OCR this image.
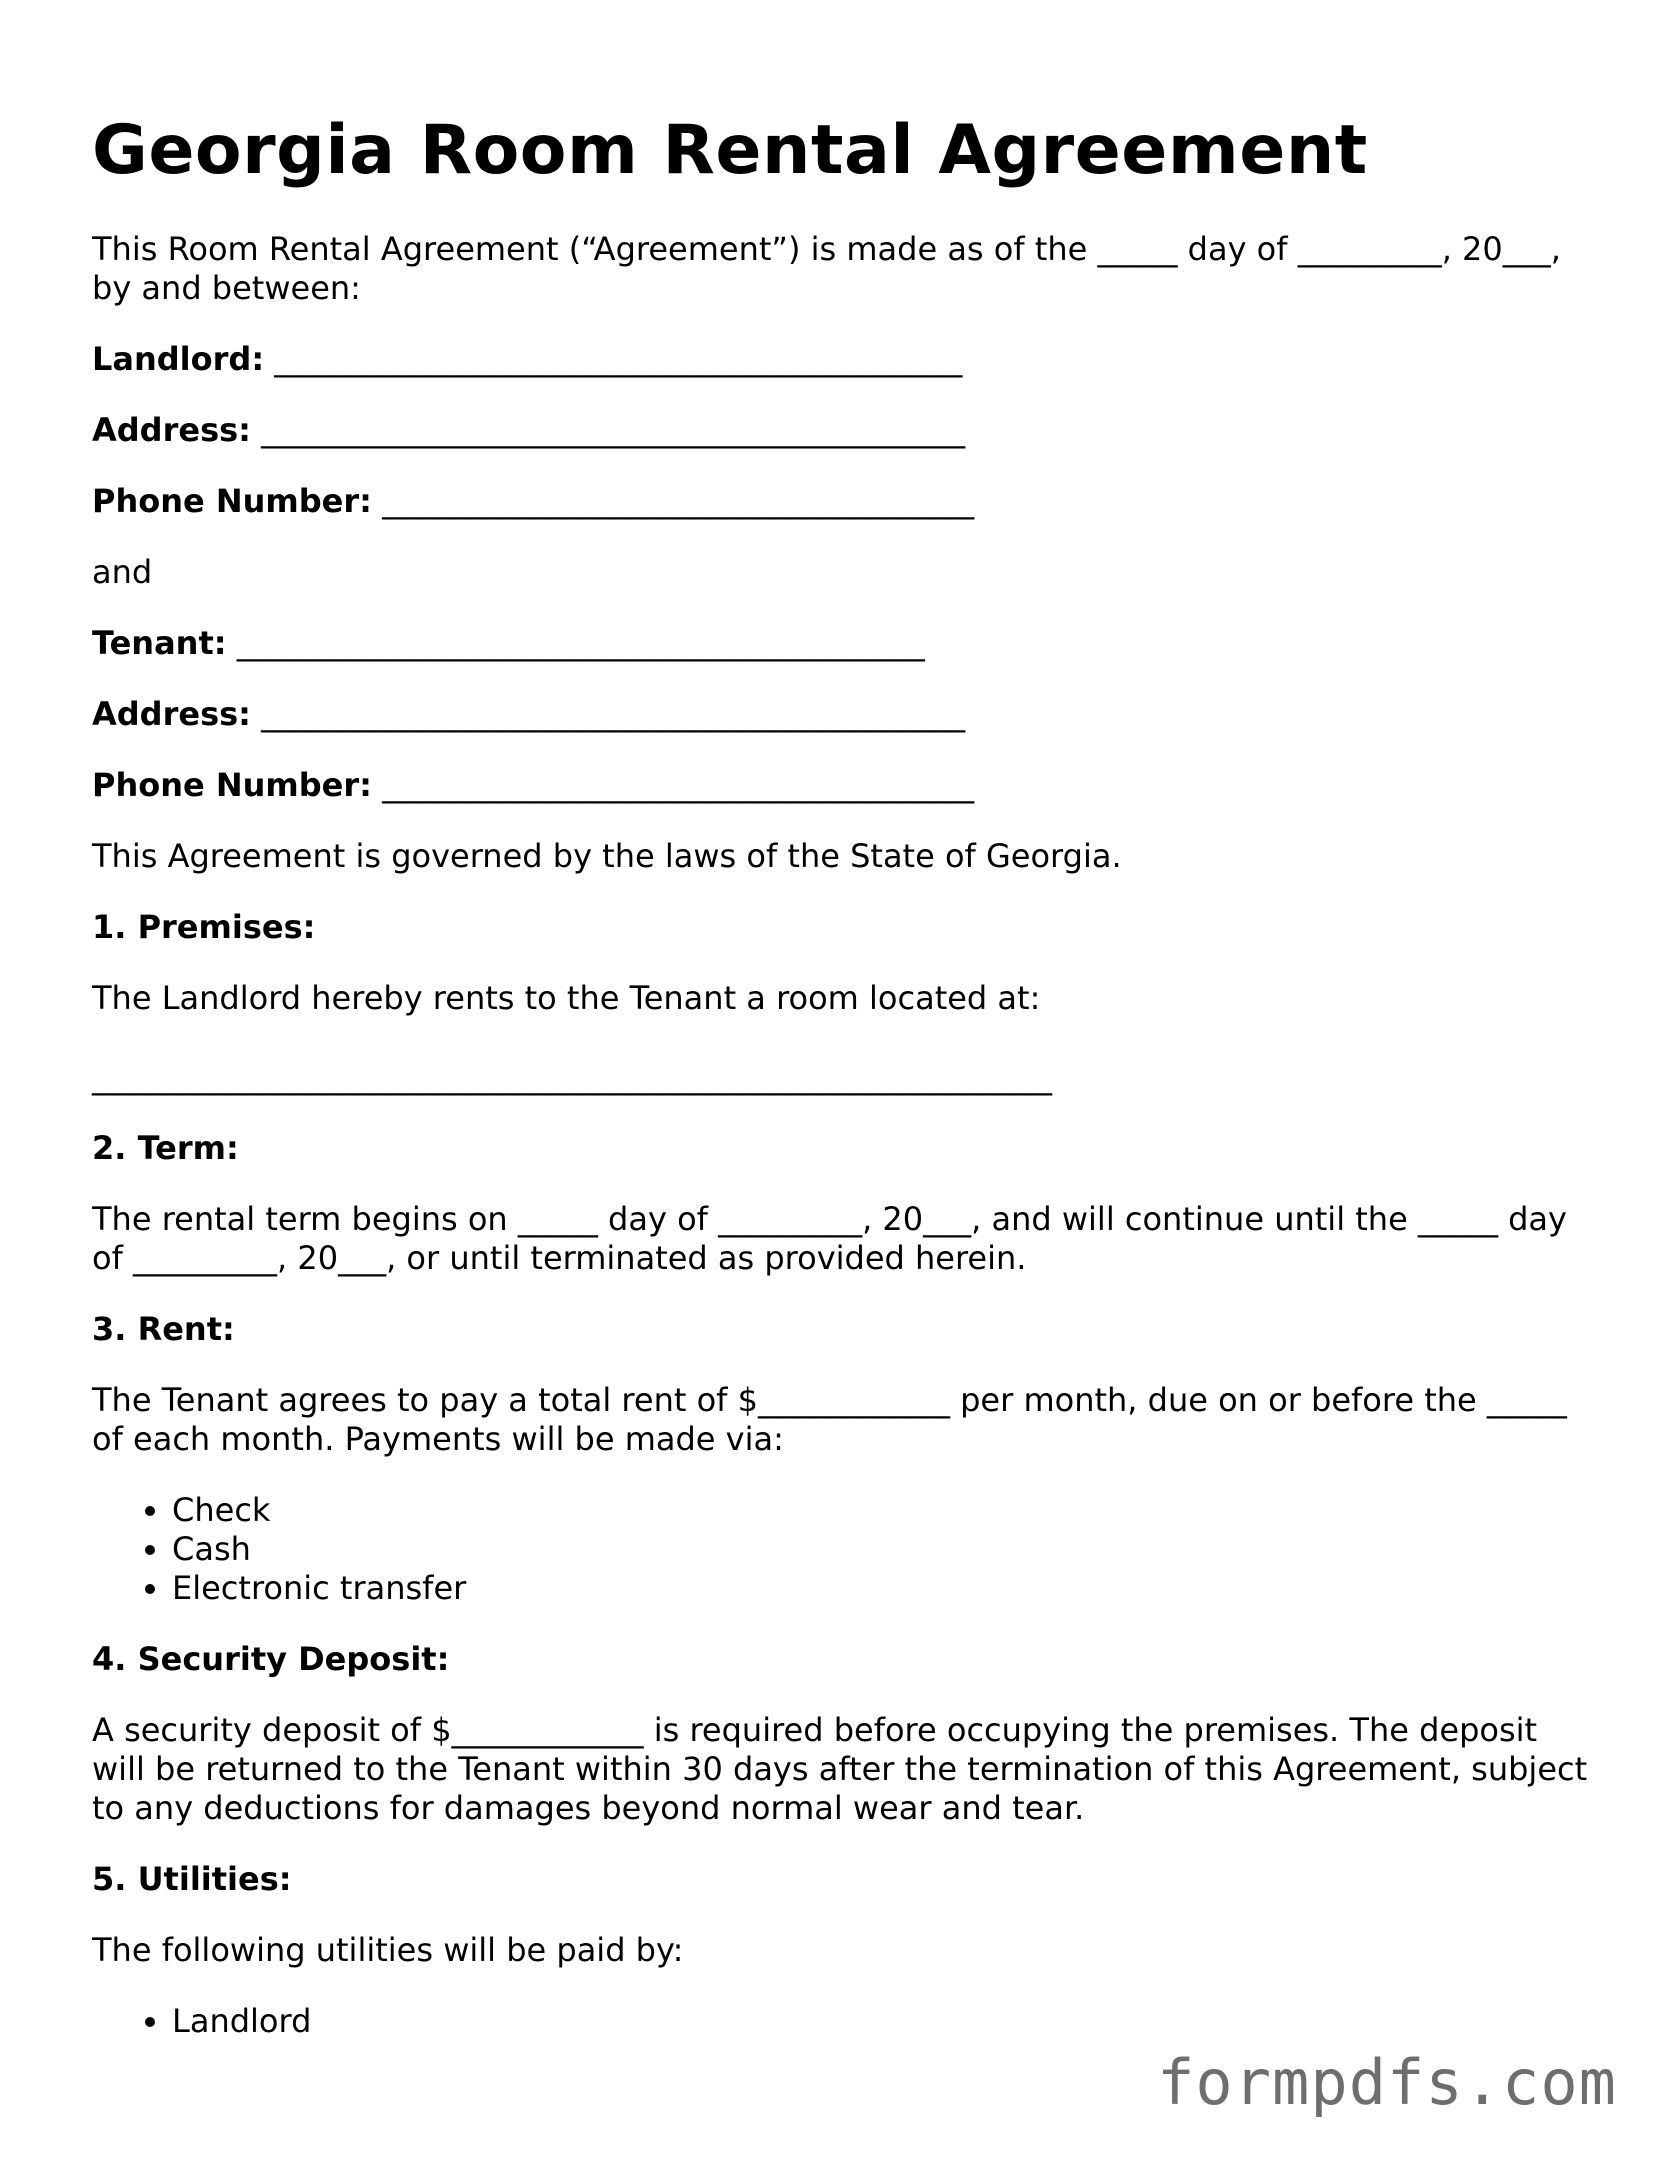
Georgia Room Rental Agreement

This Room Rental Agreement (“Agreement”) is made as of the _____ day of _________, 20___, by and between:

Landlord: ___________________________________________
Address: ____________________________________________
Phone Number: _____________________________________

and

Tenant: ___________________________________________
Address: ____________________________________________
Phone Number: _____________________________________

This Agreement is governed by the laws of the State of Georgia.

1. Premises:

The Landlord hereby rents to the Tenant a room located at:

____________________________________________________________
2. Term:

The rental term begins on _____ day of _________, 20___, and will continue until the _____ day of _________, 20___, or until terminated as provided herein.

3. Rent:

The Tenant agrees to pay a total rent of $____________ per month, due on or before the _____ of each month. Payments will be made via:

• Check
• Cash
• Electronic transfer
4. Security Deposit:

A security deposit of $____________ is required before occupying the premises. The deposit will be returned to the Tenant within 30 days after the termination of this Agreement, subject to any deductions for damages beyond normal wear and tear.

5. Utilities:

The following utilities will be paid by:

• Landlord
formpdfs.com
